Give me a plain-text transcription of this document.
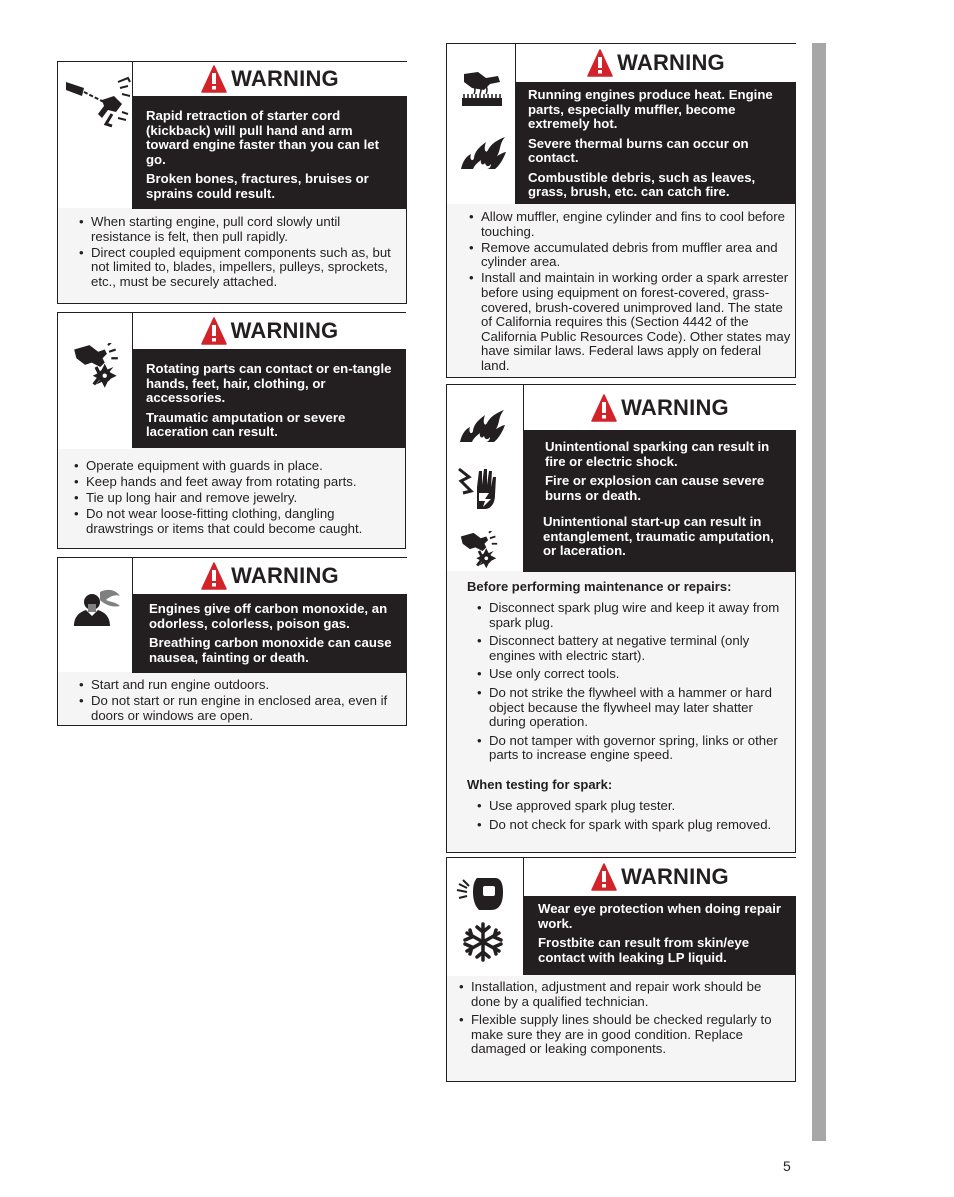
WARNING

Rapid retraction of starter cord (kickback) will pull hand and arm toward engine faster than you can let go.

Broken bones, fractures, bruises or sprains could result.

• When starting engine, pull cord slowly until resistance is felt, then pull rapidly.
• Direct coupled equipment components such as, but not limited to, blades, impellers, pulleys, sprockets, etc., must be securely attached.
WARNING

Rotating parts can contact or en-tangle hands, feet, hair, clothing, or accessories.

Traumatic amputation or severe laceration can result.

• Operate equipment with guards in place.
• Keep hands and feet away from rotating parts.
• Tie up long hair and remove jewelry.
• Do not wear loose-fitting clothing, dangling drawstrings or items that could become caught.
WARNING

Engines give off carbon monoxide, an odorless, colorless, poison gas.

Breathing carbon monoxide can cause nausea, fainting or death.

• Start and run engine outdoors.
• Do not start or run engine in enclosed area, even if doors or windows are open.
WARNING

Running engines produce heat. Engine parts, especially muffler, become extremely hot.

Severe thermal burns can occur on contact.

Combustible debris, such as leaves, grass, brush, etc. can catch fire.

• Allow muffler, engine cylinder and fins to cool before touching.
• Remove accumulated debris from muffler area and cylinder area.
• Install and maintain in working order a spark arrester before using equipment on forest-covered, grass-covered, brush-covered unimproved land. The state of California requires this (Section 4442 of the California Public Resources Code). Other states may have similar laws. Federal laws apply on federal land.
WARNING

Unintentional sparking can result in fire or electric shock.

Fire or explosion can cause severe burns or death.

Unintentional start-up can result in entanglement, traumatic amputation, or laceration.

Before performing maintenance or repairs:
• Disconnect spark plug wire and keep it away from spark plug.
• Disconnect battery at negative terminal (only engines with electric start).
• Use only correct tools.
• Do not strike the flywheel with a hammer or hard object because the flywheel may later shatter during operation.
• Do not tamper with governor spring, links or other parts to increase engine speed.
When testing for spark:
• Use approved spark plug tester.
• Do not check for spark with spark plug removed.
WARNING

Wear eye protection when doing repair work.

Frostbite can result from skin/eye contact with leaking LP liquid.

• Installation, adjustment and repair work should be done by a qualified technician.
• Flexible supply lines should be checked regularly to make sure they are in good condition. Replace damaged or leaking components.
5
